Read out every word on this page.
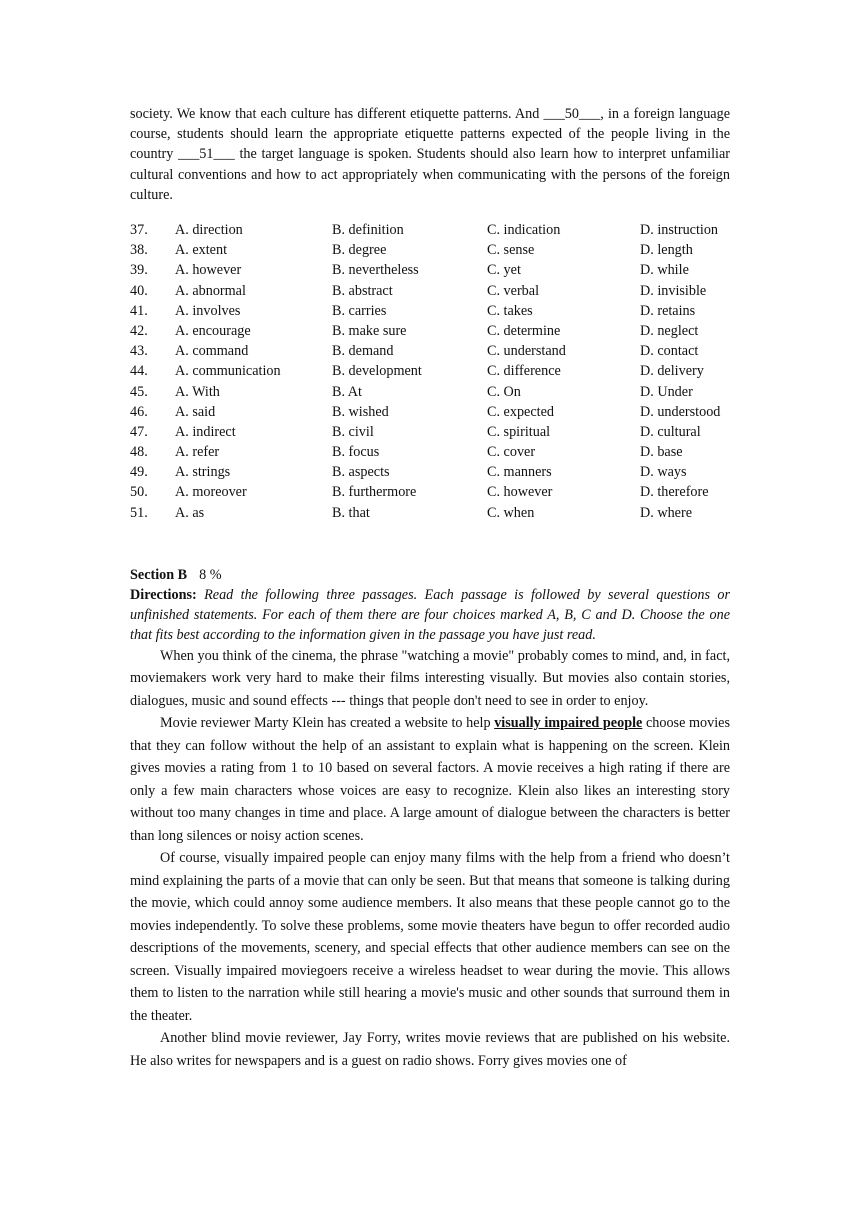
society. We know that each culture has different etiquette patterns. And ___50___, in a foreign language course, students should learn the appropriate etiquette patterns expected of the people living in the country ___51___ the target language is spoken. Students should also learn how to interpret unfamiliar cultural conventions and how to act appropriately when communicating with the persons of the foreign culture.

37.	A. direction	B. definition	C. indication	D. instruction
38.	A. extent	B. degree	C. sense	D. length
39.	A. however	B. nevertheless	C. yet	D. while
40.	A. abnormal	B. abstract	C. verbal	D. invisible
41.	A. involves	B. carries	C. takes	D. retains
42.	A. encourage	B. make sure	C. determine	D. neglect
43.	A. command	B. demand	C. understand	D. contact
44.	A. communication	B. development	C. difference	D. delivery
45.	A. With	B. At	C. On	D. Under
46.	A. said	B. wished	C. expected	D. understood
47.	A. indirect	B. civil	C. spiritual	D. cultural
48.	A. refer	B. focus	C. cover	D. base
49.	A. strings	B. aspects	C. manners	D. ways
50.	A. moreover	B. furthermore	C. however	D. therefore
51.	A. as	B. that	C. when	D. where
Section B 8 %

Directions: Read the following three passages. Each passage is followed by several questions or unfinished statements. For each of them there are four choices marked A, B, C and D. Choose the one that fits best according to the information given in the passage you have just read.

When you think of the cinema, the phrase "watching a movie" probably comes to mind, and, in fact, moviemakers work very hard to make their films interesting visually. But movies also contain stories, dialogues, music and sound effects --- things that people don't need to see in order to enjoy.

Movie reviewer Marty Klein has created a website to help visually impaired people choose movies that they can follow without the help of an assistant to explain what is happening on the screen. Klein gives movies a rating from 1 to 10 based on several factors. A movie receives a high rating if there are only a few main characters whose voices are easy to recognize. Klein also likes an interesting story without too many changes in time and place. A large amount of dialogue between the characters is better than long silences or noisy action scenes.

Of course, visually impaired people can enjoy many films with the help from a friend who doesn’t mind explaining the parts of a movie that can only be seen. But that means that someone is talking during the movie, which could annoy some audience members. It also means that these people cannot go to the movies independently. To solve these problems, some movie theaters have begun to offer recorded audio descriptions of the movements, scenery, and special effects that other audience members can see on the screen. Visually impaired moviegoers receive a wireless headset to wear during the movie. This allows them to listen to the narration while still hearing a movie's music and other sounds that surround them in the theater.

Another blind movie reviewer, Jay Forry, writes movie reviews that are published on his website. He also writes for newspapers and is a guest on radio shows. Forry gives movies one of
